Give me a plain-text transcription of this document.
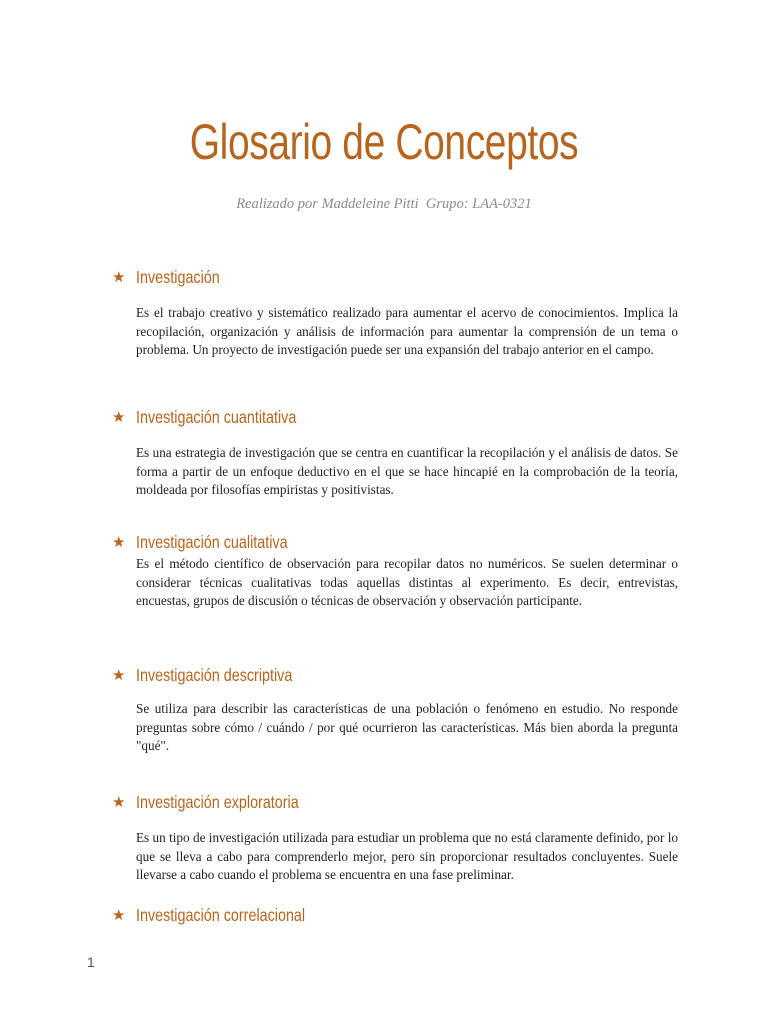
Glosario de Conceptos
Realizado por Maddeleine Pitti Grupo: LAA-0321
★ Investigación
Es el trabajo creativo y sistemático realizado para aumentar el acervo de conocimientos. Implica la recopilación, organización y análisis de información para aumentar la comprensión de un tema o problema. Un proyecto de investigación puede ser una expansión del trabajo anterior en el campo.
★ Investigación cuantitativa
Es una estrategia de investigación que se centra en cuantificar la recopilación y el análisis de datos. Se forma a partir de un enfoque deductivo en el que se hace hincapié en la comprobación de la teoría, moldeada por filosofías empiristas y positivistas.
★ Investigación cualitativa
Es el método científico de observación para recopilar datos no numéricos. Se suelen determinar o considerar técnicas cualitativas todas aquellas distintas al experimento. Es decir, entrevistas, encuestas, grupos de discusión o técnicas de observación y observación participante.
★ Investigación descriptiva
Se utiliza para describir las características de una población o fenómeno en estudio. No responde preguntas sobre cómo / cuándo / por qué ocurrieron las características. Más bien aborda la pregunta "qué".
★ Investigación exploratoria
Es un tipo de investigación utilizada para estudiar un problema que no está claramente definido, por lo que se lleva a cabo para comprenderlo mejor, pero sin proporcionar resultados concluyentes. Suele llevarse a cabo cuando el problema se encuentra en una fase preliminar.
★ Investigación correlacional
1
